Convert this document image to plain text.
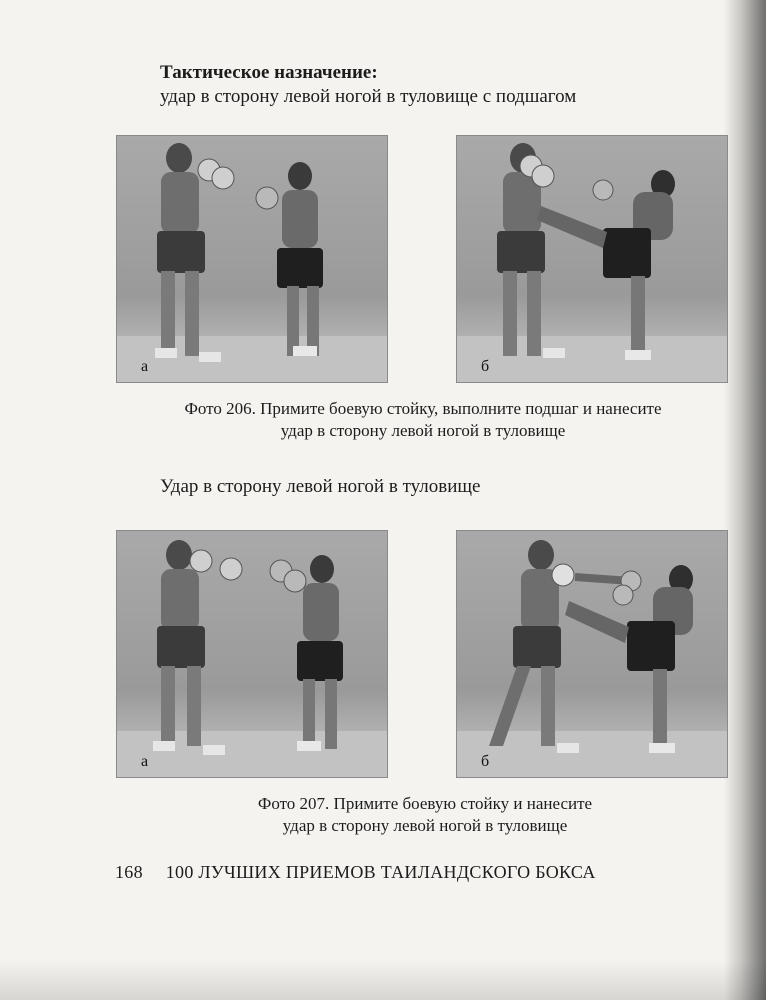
Тактическое назначение:
удар в сторону левой ногой в туловище с подшагом
а	б
Фото 206. Примите боевую стойку, выполните подшаг и нанесите
удар в сторону левой ногой в туловище
Удар в сторону левой ногой в туловище
а	б
Фото 207. Примите боевую стойку и нанесите
удар в сторону левой ногой в туловище
168 100 ЛУЧШИХ ПРИЕМОВ ТАИЛАНДСКОГО БОКСА
